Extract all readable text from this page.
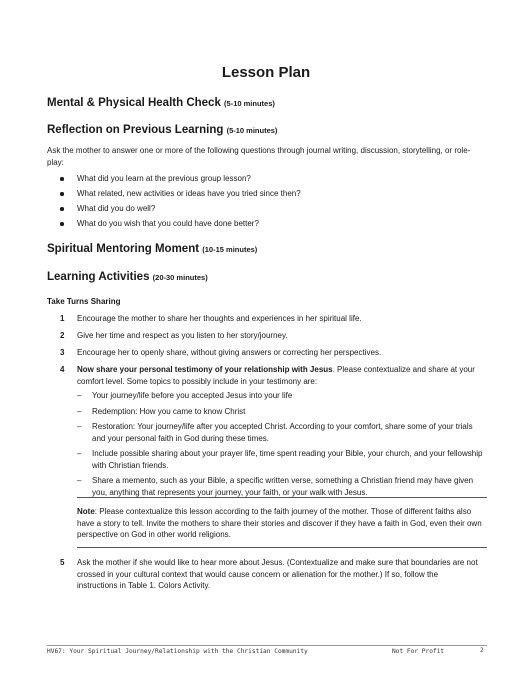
Lesson Plan
Mental & Physical Health Check (5-10 minutes)
Reflection on Previous Learning (5-10 minutes)
Ask the mother to answer one or more of the following questions through journal writing, discussion, storytelling, or role-play:
What did you learn at the previous group lesson?
What related, new activities or ideas have you tried since then?
What did you do well?
What do you wish that you could have done better?
Spiritual Mentoring Moment (10-15 minutes)
Learning Activities (20-30 minutes)
Take Turns Sharing
1 Encourage the mother to share her thoughts and experiences in her spiritual life.
2 Give her time and respect as you listen to her story/journey.
3 Encourage her to openly share, without giving answers or correcting her perspectives.
4 Now share your personal testimony of your relationship with Jesus. Please contextualize and share at your comfort level. Some topics to possibly include in your testimony are:
– Your journey/life before you accepted Jesus into your life
– Redemption: How you came to know Christ
– Restoration: Your journey/life after you accepted Christ. According to your comfort, share some of your trials and your personal faith in God during these times.
– Include possible sharing about your prayer life, time spent reading your Bible, your church, and your fellowship with Christian friends.
– Share a memento, such as your Bible, a specific written verse, something a Christian friend may have given you, anything that represents your journey, your faith, or your walk with Jesus.
Note: Please contextualize this lesson according to the faith journey of the mother. Those of different faiths also have a story to tell. Invite the mothers to share their stories and discover if they have a faith in God, even their own perspective on God in other world religions.
5 Ask the mother if she would like to hear more about Jesus. (Contextualize and make sure that boundaries are not crossed in your cultural context that would cause concern or alienation for the mother.) If so, follow the instructions in Table 1. Colors Activity.
HV67: Your Spiritual Journey/Relationship with the Christian Community	Not For Profit	2
